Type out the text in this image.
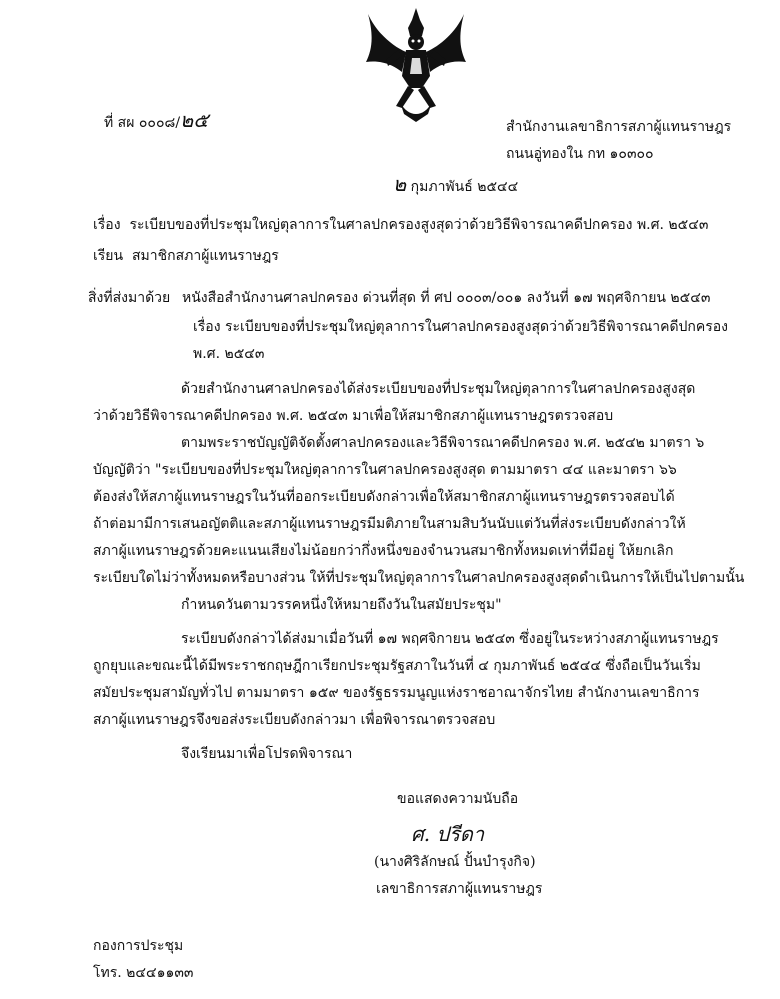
ที่ สผ ๐๐๐๘/๒๕	สำนักงานเลขาธิการสภาผู้แทนราษฎร
ถนนอู่ทองใน กท ๑๐๓๐๐
๒ กุมภาพันธ์ ๒๕๔๔
เรื่อง ระเบียบของที่ประชุมใหญ่ตุลาการในศาลปกครองสูงสุดว่าด้วยวิธีพิจารณาคดีปกครอง พ.ศ. ๒๕๔๓
เรียน สมาชิกสภาผู้แทนราษฎร
สิ่งที่ส่งมาด้วย หนังสือสำนักงานศาลปกครอง ด่วนที่สุด ที่ ศป ๐๐๐๓/๐๐๑ ลงวันที่ ๑๗ พฤศจิกายน ๒๕๔๓
เรื่อง ระเบียบของที่ประชุมใหญ่ตุลาการในศาลปกครองสูงสุดว่าด้วยวิธีพิจารณาคดีปกครอง
พ.ศ. ๒๕๔๓
ด้วยสำนักงานศาลปกครองได้ส่งระเบียบของที่ประชุมใหญ่ตุลาการในศาลปกครองสูงสุด
ว่าด้วยวิธีพิจารณาคดีปกครอง พ.ศ. ๒๕๔๓ มาเพื่อให้สมาชิกสภาผู้แทนราษฎรตรวจสอบ
ตามพระราชบัญญัติจัดตั้งศาลปกครองและวิธีพิจารณาคดีปกครอง พ.ศ. ๒๕๔๒ มาตรา ๖
บัญญัติว่า "ระเบียบของที่ประชุมใหญ่ตุลาการในศาลปกครองสูงสุด ตามมาตรา ๔๔ และมาตรา ๖๖
ต้องส่งให้สภาผู้แทนราษฎรในวันที่ออกระเบียบดังกล่าวเพื่อให้สมาชิกสภาผู้แทนราษฎรตรวจสอบได้
ถ้าต่อมามีการเสนอญัตติและสภาผู้แทนราษฎรมีมติภายในสามสิบวันนับแต่วันที่ส่งระเบียบดังกล่าวให้
สภาผู้แทนราษฎรด้วยคะแนนเสียงไม่น้อยกว่ากึ่งหนึ่งของจำนวนสมาชิกทั้งหมดเท่าที่มีอยู่ ให้ยกเลิก
ระเบียบใดไม่ว่าทั้งหมดหรือบางส่วน ให้ที่ประชุมใหญ่ตุลาการในศาลปกครองสูงสุดดำเนินการให้เป็นไปตามนั้น
กำหนดวันตามวรรคหนึ่งให้หมายถึงวันในสมัยประชุม"
ระเบียบดังกล่าวได้ส่งมาเมื่อวันที่ ๑๗ พฤศจิกายน ๒๕๔๓ ซึ่งอยู่ในระหว่างสภาผู้แทนราษฎร
ถูกยุบและขณะนี้ได้มีพระราชกฤษฎีกาเรียกประชุมรัฐสภาในวันที่ ๔ กุมภาพันธ์ ๒๕๔๔ ซึ่งถือเป็นวันเริ่ม
สมัยประชุมสามัญทั่วไป ตามมาตรา ๑๕๙ ของรัฐธรรมนูญแห่งราชอาณาจักรไทย สำนักงานเลขาธิการ
สภาผู้แทนราษฎรจึงขอส่งระเบียบดังกล่าวมา เพื่อพิจารณาตรวจสอบ
จึงเรียนมาเพื่อโปรดพิจารณา
ขอแสดงความนับถือ
ศ. ปรีดา
(นางศิริลักษณ์ ปั้นบำรุงกิจ)
เลขาธิการสภาผู้แทนราษฎร
กองการประชุม
โทร. ๒๔๔๑๑๓๓
